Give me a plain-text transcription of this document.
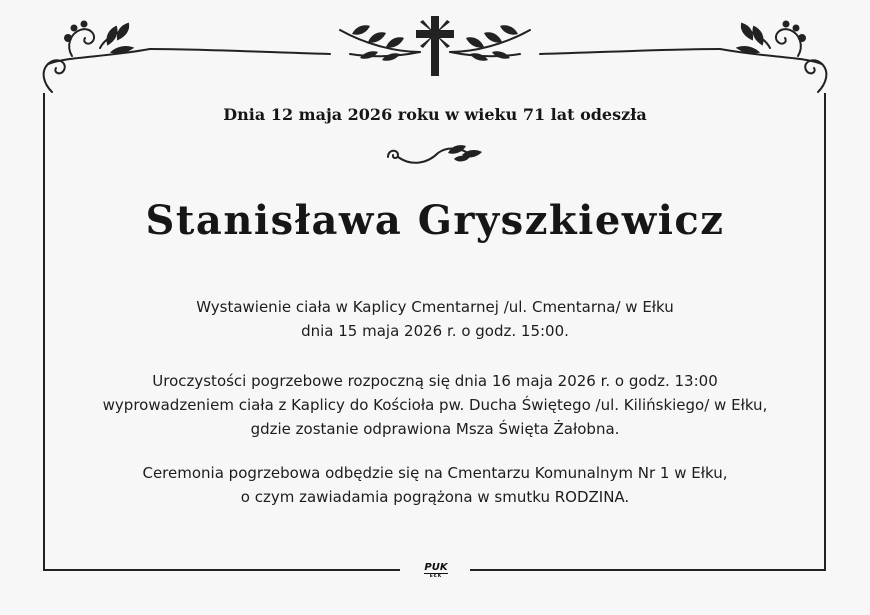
PUK
EŁK
Dnia 12 maja 2026 roku w wieku 71 lat odeszła
Stanisława Gryszkiewicz
Wystawienie ciała w Kaplicy Cmentarnej /ul. Cmentarna/ w Ełku
dnia 15 maja 2026 r. o godz. 15:00.
Uroczystości pogrzebowe rozpoczną się dnia 16 maja 2026 r. o godz. 13:00
wyprowadzeniem ciała z Kaplicy do Kościoła pw. Ducha Świętego /ul. Kilińskiego/ w Ełku,
gdzie zostanie odprawiona Msza Święta Żałobna.
Ceremonia pogrzebowa odbędzie się na Cmentarzu Komunalnym Nr 1 w Ełku,
o czym zawiadamia pogrążona w smutku RODZINA.
